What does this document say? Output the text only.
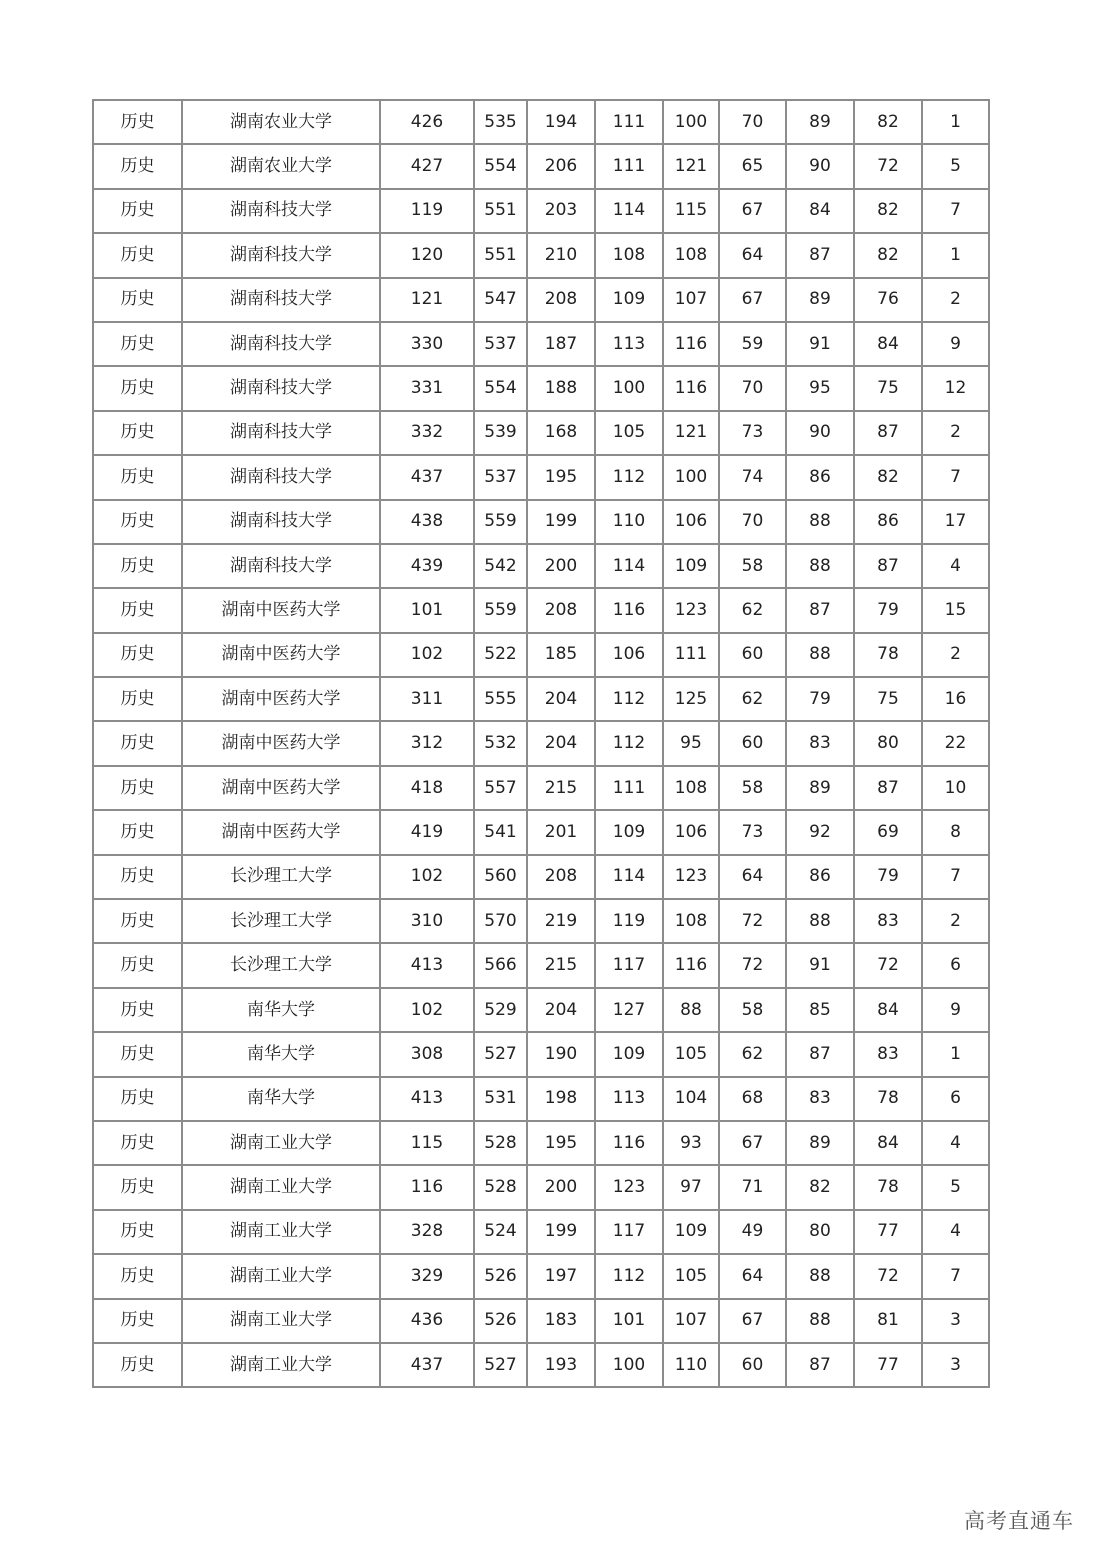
历史	湖南农业大学	426	535	194	111	100	70	89	82	1
历史	湖南农业大学	427	554	206	111	121	65	90	72	5
历史	湖南科技大学	119	551	203	114	115	67	84	82	7
历史	湖南科技大学	120	551	210	108	108	64	87	82	1
历史	湖南科技大学	121	547	208	109	107	67	89	76	2
历史	湖南科技大学	330	537	187	113	116	59	91	84	9
历史	湖南科技大学	331	554	188	100	116	70	95	75	12
历史	湖南科技大学	332	539	168	105	121	73	90	87	2
历史	湖南科技大学	437	537	195	112	100	74	86	82	7
历史	湖南科技大学	438	559	199	110	106	70	88	86	17
历史	湖南科技大学	439	542	200	114	109	58	88	87	4
历史	湖南中医药大学	101	559	208	116	123	62	87	79	15
历史	湖南中医药大学	102	522	185	106	111	60	88	78	2
历史	湖南中医药大学	311	555	204	112	125	62	79	75	16
历史	湖南中医药大学	312	532	204	112	95	60	83	80	22
历史	湖南中医药大学	418	557	215	111	108	58	89	87	10
历史	湖南中医药大学	419	541	201	109	106	73	92	69	8
历史	长沙理工大学	102	560	208	114	123	64	86	79	7
历史	长沙理工大学	310	570	219	119	108	72	88	83	2
历史	长沙理工大学	413	566	215	117	116	72	91	72	6
历史	南华大学	102	529	204	127	88	58	85	84	9
历史	南华大学	308	527	190	109	105	62	87	83	1
历史	南华大学	413	531	198	113	104	68	83	78	6
历史	湖南工业大学	115	528	195	116	93	67	89	84	4
历史	湖南工业大学	116	528	200	123	97	71	82	78	5
历史	湖南工业大学	328	524	199	117	109	49	80	77	4
历史	湖南工业大学	329	526	197	112	105	64	88	72	7
历史	湖南工业大学	436	526	183	101	107	67	88	81	3
历史	湖南工业大学	437	527	193	100	110	60	87	77	3
高考直通车
